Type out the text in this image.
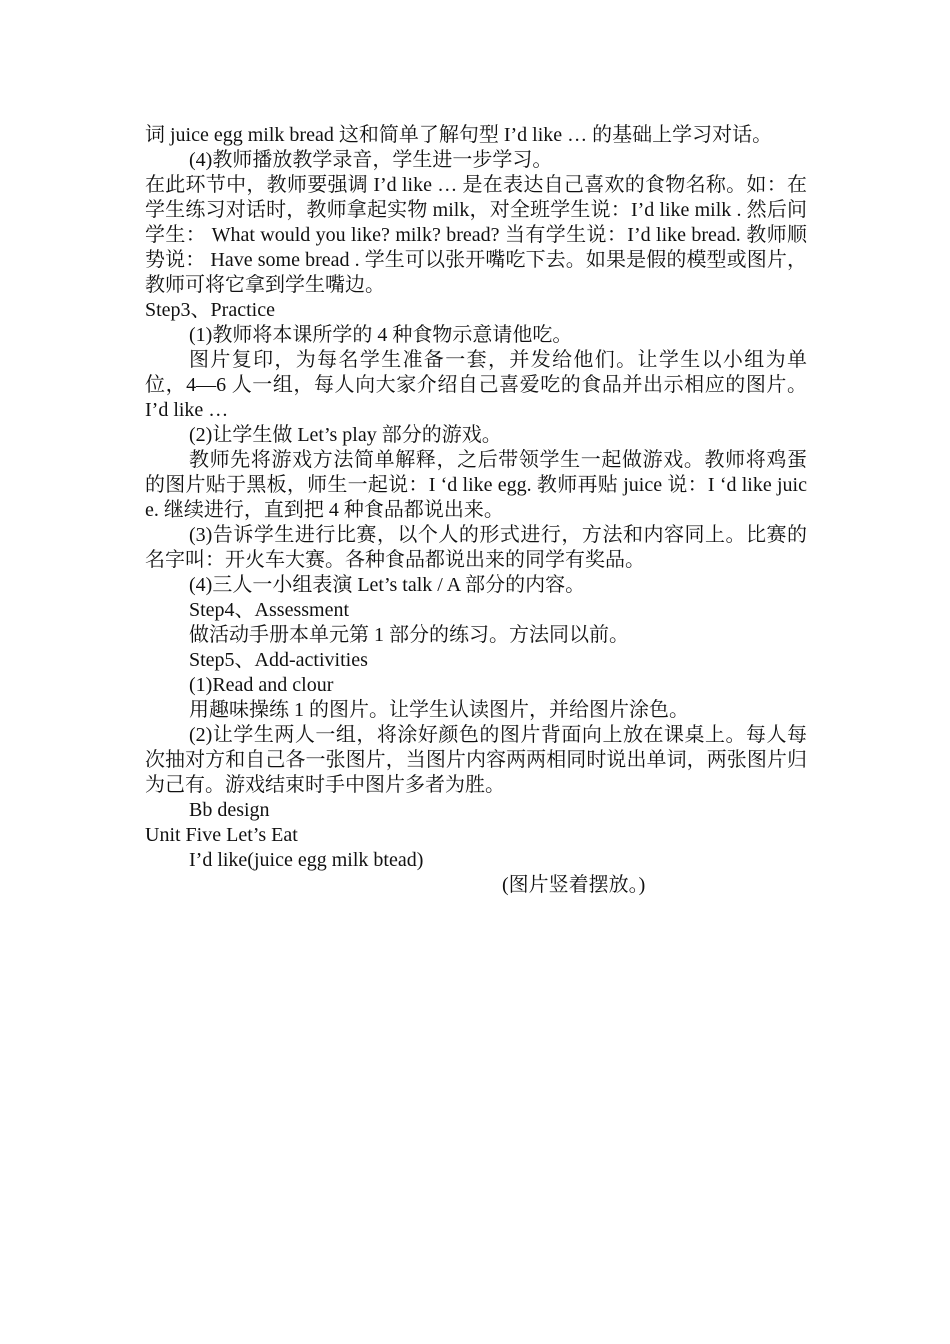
词 juice egg milk bread 这和简单了解句型 I’d like … 的基础上学习对话。

(4)教师播放教学录音，学生进一步学习。

在此环节中，教师要强调 I’d like … 是在表达自己喜欢的食物名称。如：在学生练习对话时，教师拿起实物 milk，对全班学生说：I’d like milk . 然后问学生： What would you like? milk? bread? 当有学生说：I’d like bread. 教师顺势说： Have some bread . 学生可以张开嘴吃下去。如果是假的模型或图片，教师可将它拿到学生嘴边。

Step3、Practice

(1)教师将本课所学的 4 种食物示意请他吃。

图片复印，为每名学生准备一套，并发给他们。让学生以小组为单位，4—6 人一组，每人向大家介绍自己喜爱吃的食品并出示相应的图片。I’d like …

(2)让学生做 Let’s play 部分的游戏。

教师先将游戏方法简单解释，之后带领学生一起做游戏。教师将鸡蛋的图片贴于黑板，师生一起说：I ‘d like egg. 教师再贴 juice 说：I ‘d like juice. 继续进行，直到把 4 种食品都说出来。

(3)告诉学生进行比赛，以个人的形式进行，方法和内容同上。比赛的名字叫：开火车大赛。各种食品都说出来的同学有奖品。

(4)三人一小组表演 Let’s talk / A 部分的内容。

Step4、Assessment

做活动手册本单元第 1 部分的练习。方法同以前。

Step5、Add-activities

(1)Read and clour

用趣味操练 1 的图片。让学生认读图片，并给图片涂色。

(2)让学生两人一组，将涂好颜色的图片背面向上放在课桌上。每人每次抽对方和自己各一张图片，当图片内容两两相同时说出单词，两张图片归为己有。游戏结束时手中图片多者为胜。

Bb design

Unit Five Let’s Eat

I’d like(juice egg milk btead)

(图片竖着摆放。)
